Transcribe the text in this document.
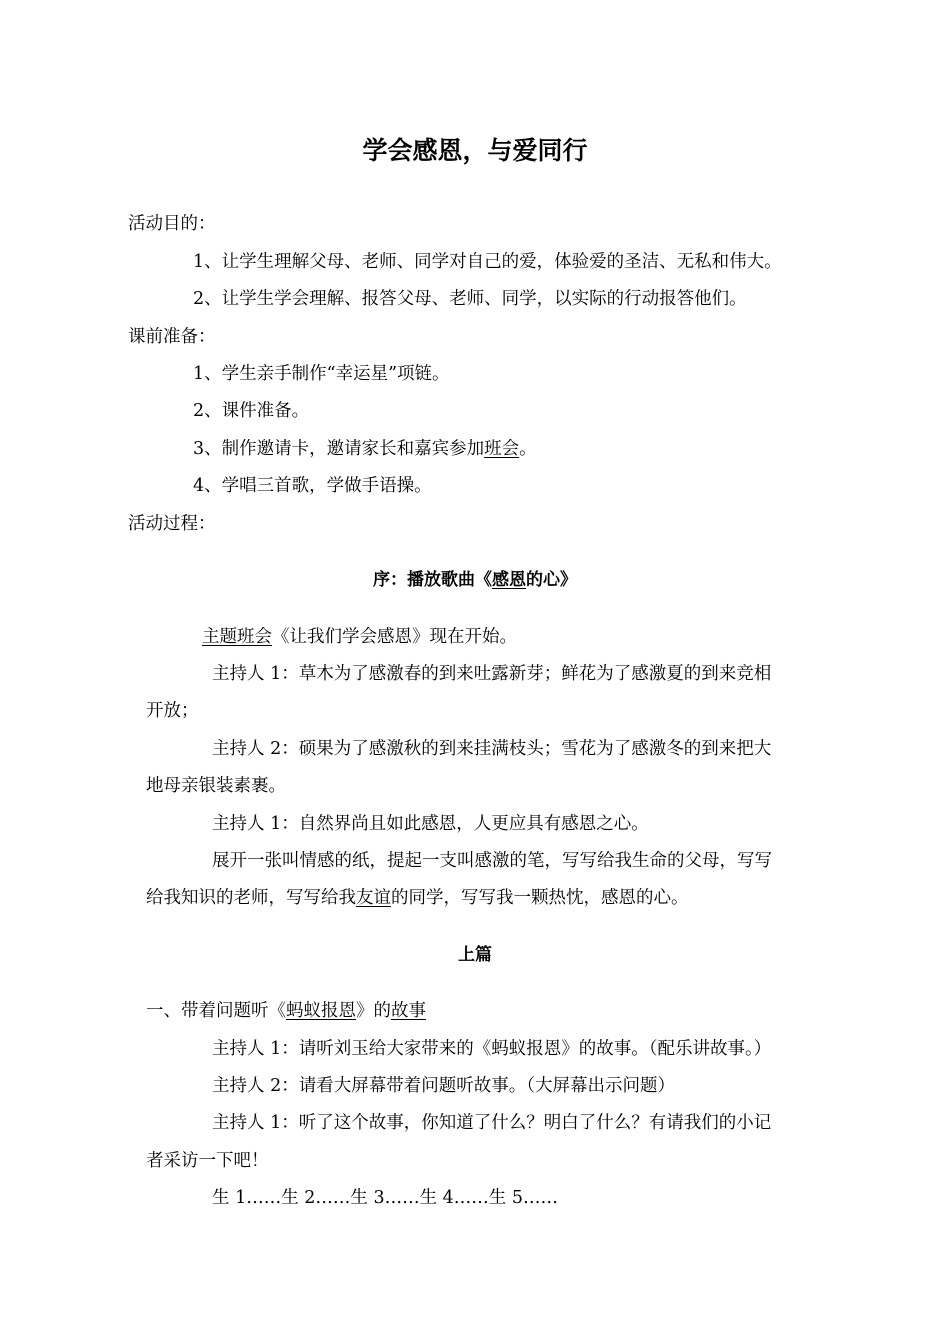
学会感恩，与爱同行
活动目的：
1、让学生理解父母、老师、同学对自己的爱，体验爱的圣洁、无私和伟大。
2、让学生学会理解、报答父母、老师、同学，以实际的行动报答他们。
课前准备：
1、学生亲手制作“幸运星”项链。
2、课件准备。
3、制作邀请卡，邀请家长和嘉宾参加班会。
4、学唱三首歌，学做手语操。
活动过程：
序：播放歌曲《感恩的心》
主题班会《让我们学会感恩》现在开始。
主持人 1：草木为了感激春的到来吐露新芽；鲜花为了感激夏的到来竞相
开放；
主持人 2：硕果为了感激秋的到来挂满枝头；雪花为了感激冬的到来把大
地母亲银装素裹。
主持人 1：自然界尚且如此感恩，人更应具有感恩之心。
展开一张叫情感的纸，提起一支叫感激的笔，写写给我生命的父母，写写
给我知识的老师，写写给我友谊的同学，写写我一颗热忱，感恩的心。
上篇
一、带着问题听《蚂蚁报恩》的故事
主持人 1：请听刘玉给大家带来的《蚂蚁报恩》的故事。（配乐讲故事。）
主持人 2：请看大屏幕带着问题听故事。（大屏幕出示问题）
主持人 1：听了这个故事，你知道了什么？明白了什么？有请我们的小记
者采访一下吧！
生 1……生 2……生 3……生 4……生 5……
